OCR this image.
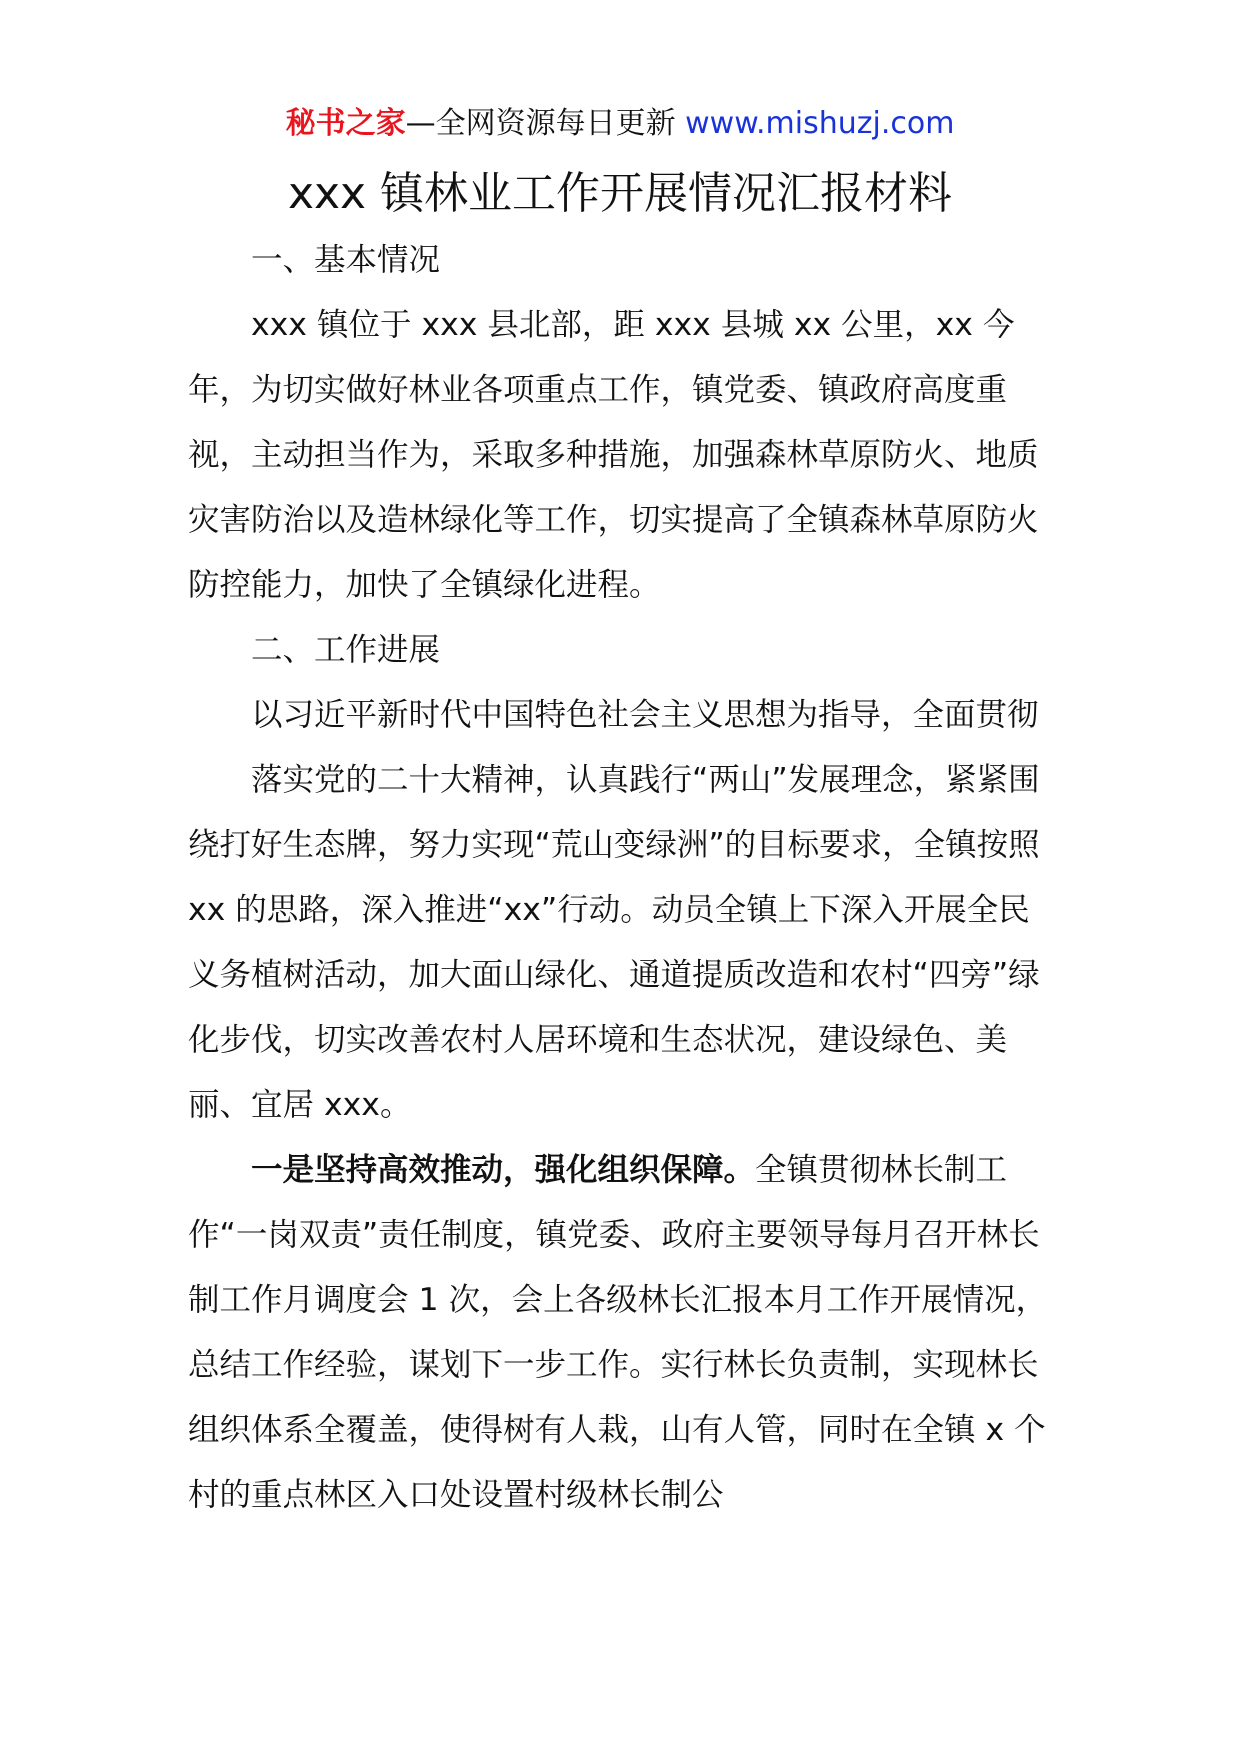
秘书之家—全网资源每日更新 www.mishuzj.com
xxx 镇林业工作开展情况汇报材料

一、基本情况

xxx 镇位于 xxx 县北部，距 xxx 县城 xx 公里，xx 今年，为切实做好林业各项重点工作，镇党委、镇政府高度重视，主动担当作为，采取多种措施，加强森林草原防火、地质灾害防治以及造林绿化等工作，切实提高了全镇森林草原防火防控能力，加快了全镇绿化进程。

二、工作进展

以习近平新时代中国特色社会主义思想为指导，全面贯彻

落实党的二十大精神，认真践行“两山”发展理念，紧紧围绕打好生态牌，努力实现“荒山变绿洲”的目标要求，全镇按照 xx 的思路，深入推进“xx”行动。动员全镇上下深入开展全民义务植树活动，加大面山绿化、通道提质改造和农村“四旁”绿化步伐，切实改善农村人居环境和生态状况，建设绿色、美丽、宜居 xxx。

一是坚持高效推动，强化组织保障。全镇贯彻林长制工作“一岗双责”责任制度，镇党委、政府主要领导每月召开林长制工作月调度会 1 次，会上各级林长汇报本月工作开展情况，总结工作经验，谋划下一步工作。实行林长负责制，实现林长组织体系全覆盖，使得树有人栽，山有人管，同时在全镇 x 个村的重点林区入口处设置村级林长制公
